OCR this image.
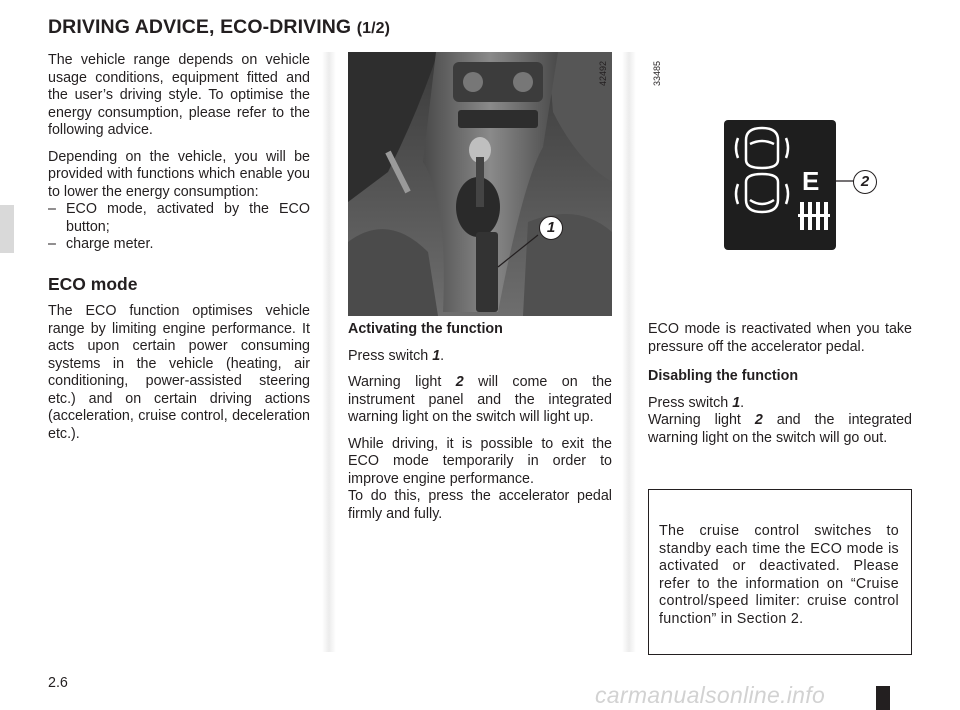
DRIVING ADVICE, ECO-DRIVING (1/2)

The vehicle range depends on vehicle usage conditions, equipment fitted and the user’s driving style. To optimise the energy consumption, please refer to the following advice.

Depending on the vehicle, you will be provided with functions which enable you to lower the energy consumption:

– ECO mode, activated by the ECO button;
– charge meter.
ECO mode

The ECO function optimises vehicle range by limiting engine performance. It acts upon certain power consuming systems in the vehicle (heating, air conditioning, power-assisted steering etc.) and on certain driving actions (acceleration, cruise control, deceleration etc.).

1
42492	33485
E	2
Activating the function

Press switch 1.

Warning light 2 will come on the instrument panel and the integrated warning light on the switch will light up.

While driving, it is possible to exit the ECO mode temporarily in order to improve engine performance.

To do this, press the accelerator pedal firmly and fully.

ECO mode is reactivated when you take pressure off the accelerator pedal.

Disabling the function

Press switch 1.

Warning light 2 and the integrated warning light on the switch will go out.

The cruise control switches to standby each time the ECO mode is activated or deactivated. Please refer to the information on “Cruise control/speed limiter: cruise control function” in Section 2.
2.6	carmanualsonline.info
